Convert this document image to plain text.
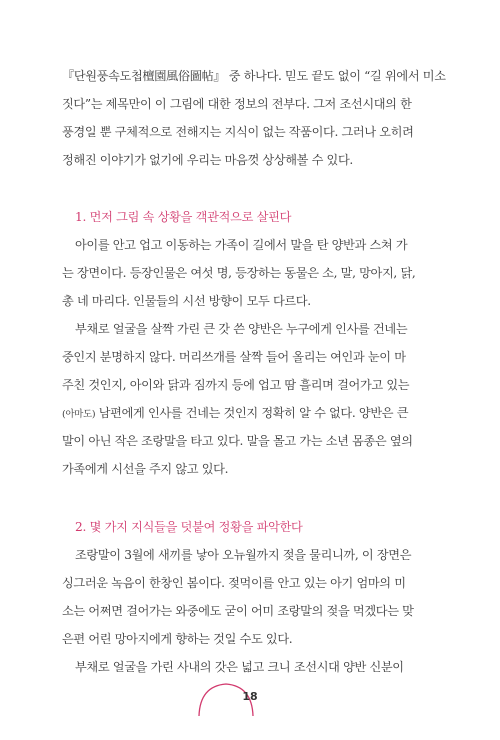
『단원풍속도첩檀園風俗圖帖』 중 하나다. 믿도 끝도 없이 “길 위에서 미소
짓다”는 제목만이 이 그림에 대한 정보의 전부다. 그저 조선시대의 한
풍경일 뿐 구체적으로 전해지는 지식이 없는 작품이다. 그러나 오히려
정해진 이야기가 없기에 우리는 마음껏 상상해볼 수 있다.
1. 먼저 그림 속 상황을 객관적으로 살핀다
아이를 안고 업고 이동하는 가족이 길에서 말을 탄 양반과 스쳐 가
는 장면이다. 등장인물은 여섯 명, 등장하는 동물은 소, 말, 망아지, 닭,
총 네 마리다. 인물들의 시선 방향이 모두 다르다.
부채로 얼굴을 살짝 가린 큰 갓 쓴 양반은 누구에게 인사를 건네는
중인지 분명하지 않다. 머리쓰개를 살짝 들어 올리는 여인과 눈이 마
주친 것인지, 아이와 닭과 짐까지 등에 업고 땀 흘리며 걸어가고 있는
(아마도) 남편에게 인사를 건네는 것인지 정확히 알 수 없다. 양반은 큰
말이 아닌 작은 조랑말을 타고 있다. 말을 몰고 가는 소년 몸종은 옆의
가족에게 시선을 주지 않고 있다.
2. 몇 가지 지식들을 덧붙여 정황을 파악한다
조랑말이 3월에 새끼를 낳아 오뉴월까지 젖을 물리니까, 이 장면은
싱그러운 녹음이 한창인 봄이다. 젖먹이를 안고 있는 아기 엄마의 미
소는 어쩌면 걸어가는 와중에도 굳이 어미 조랑말의 젖을 먹겠다는 맞
은편 어린 망아지에게 향하는 것일 수도 있다.
부채로 얼굴을 가린 사내의 갓은 넓고 크니 조선시대 양반 신분이
18
